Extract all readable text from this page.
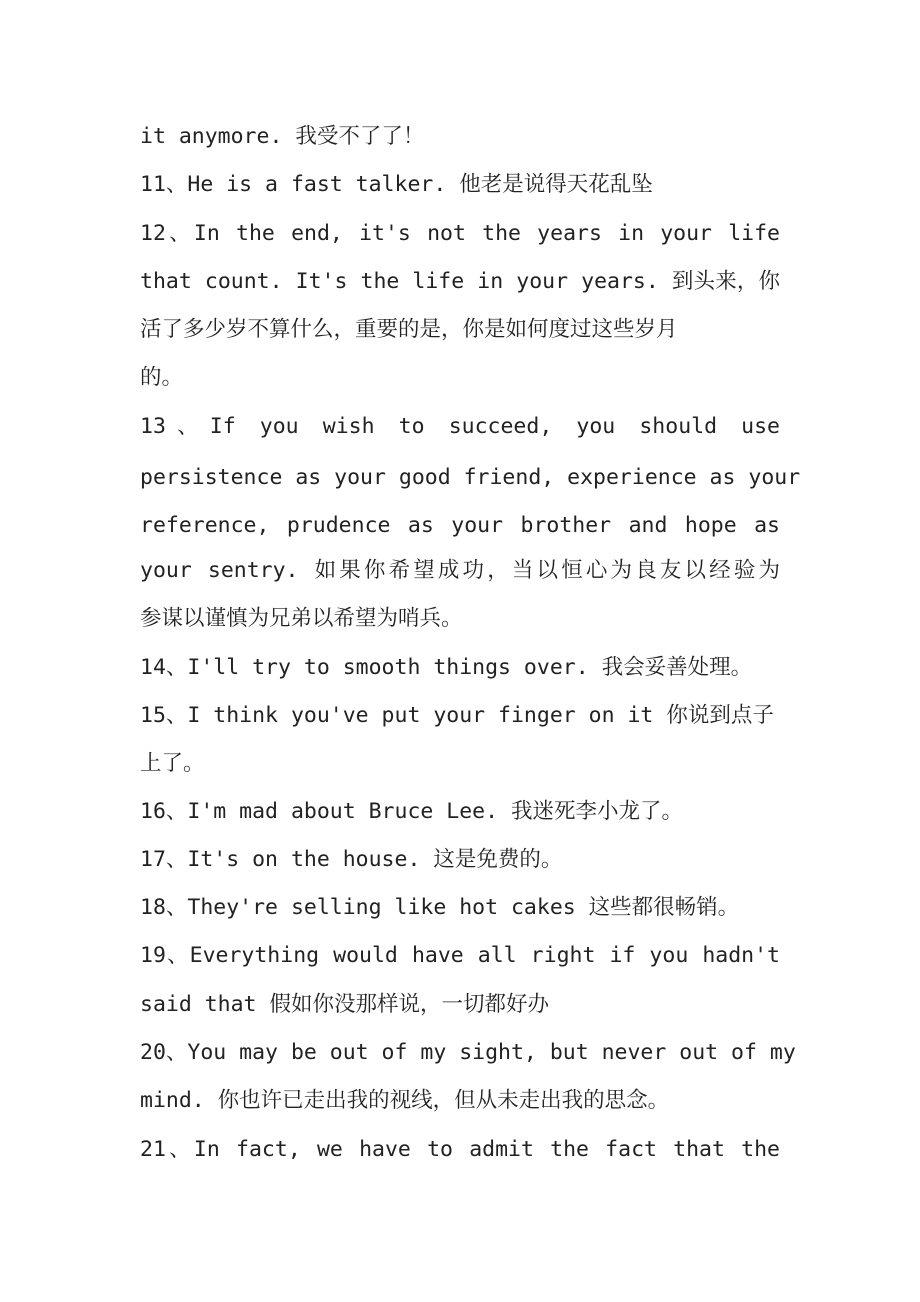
it anymore. 我受不了了！
11、He is a fast talker. 他老是说得天花乱坠
12、In the end, it's not the years in your life
that count. It's the life in your years. 到头来，你
活了多少岁不算什么，重要的是，你是如何度过这些岁月
的。
13、If you wish to succeed, you should use
persistence as your good friend, experience as your
reference, prudence as your brother and hope as
your sentry. 如果你希望成功，当以恒心为良友以经验为
参谋以谨慎为兄弟以希望为哨兵。
14、I'll try to smooth things over. 我会妥善处理。
15、I think you've put your finger on it 你说到点子
上了。
16、I'm mad about Bruce Lee. 我迷死李小龙了。
17、It's on the house. 这是免费的。
18、They're selling like hot cakes 这些都很畅销。
19、Everything would have all right if you hadn't
said that 假如你没那样说，一切都好办
20、You may be out of my sight, but never out of my
mind. 你也许已走出我的视线，但从未走出我的思念。
21、In fact, we have to admit the fact that the
